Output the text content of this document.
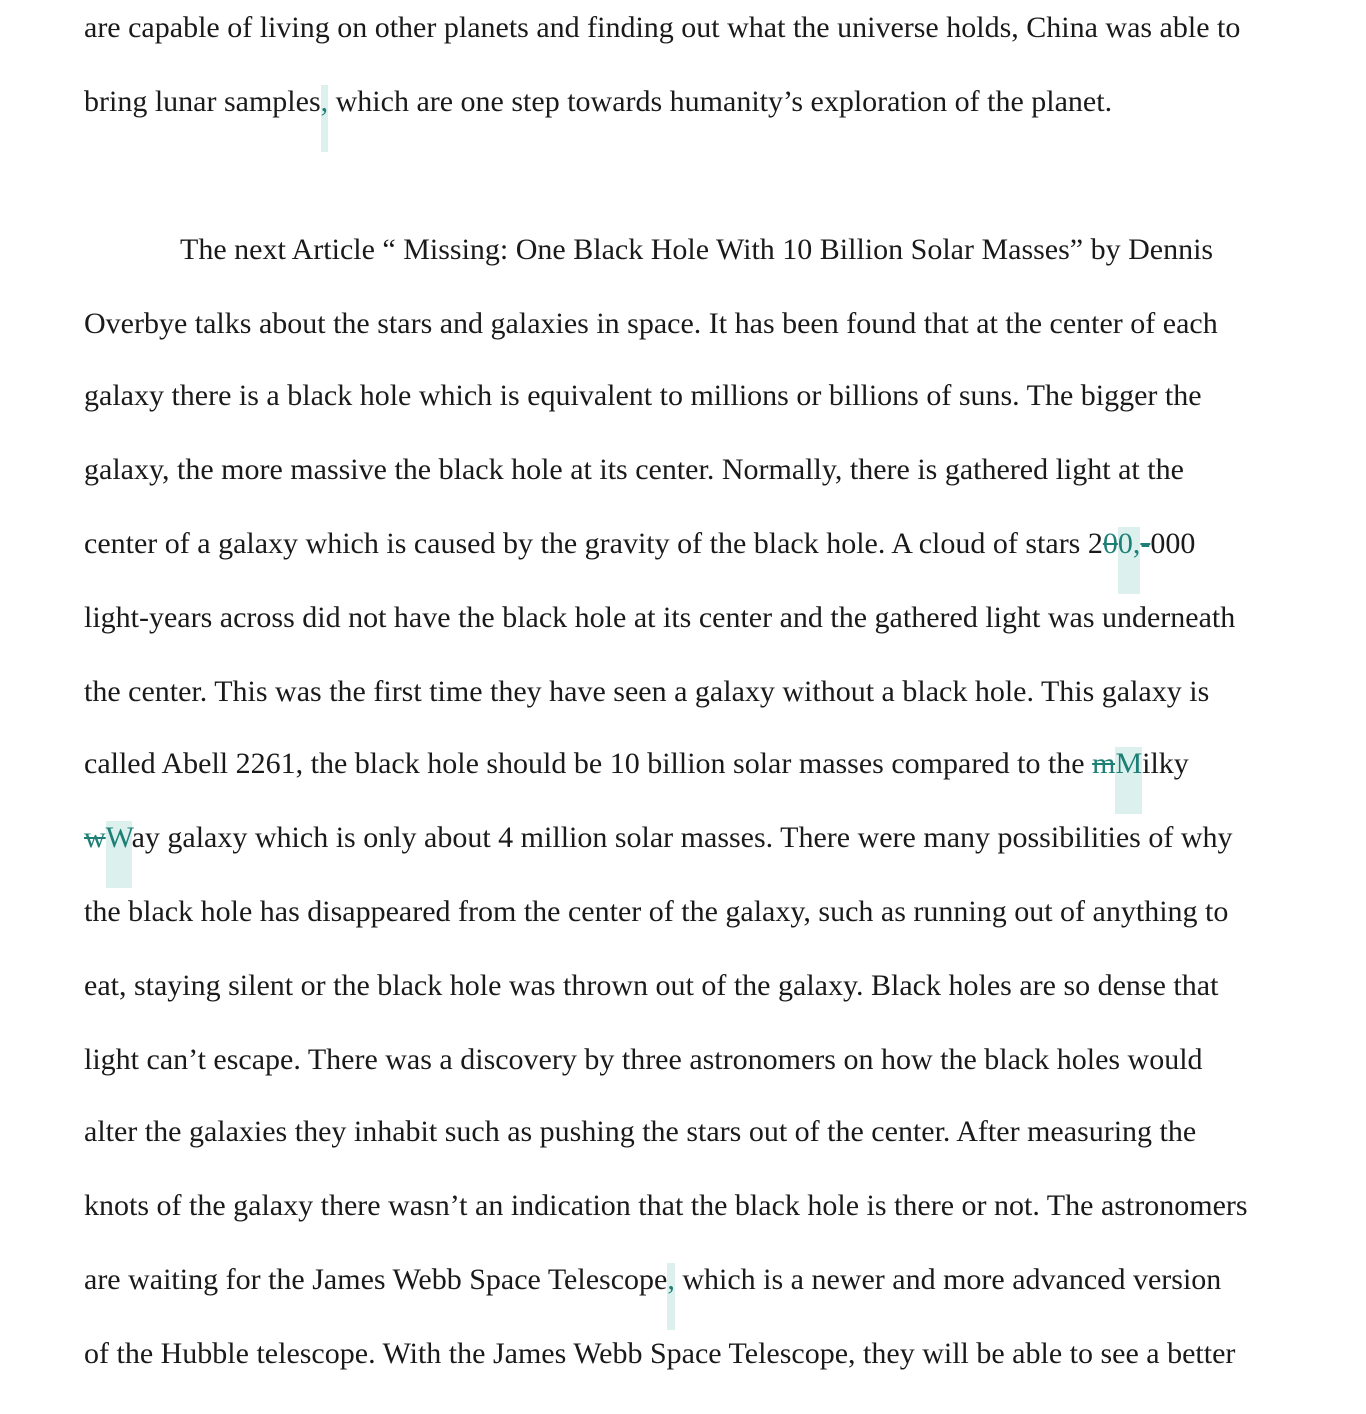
are capable of living on other planets and finding out what the universe holds, China was able to
bring lunar samples, which are one step towards humanity’s exploration of the planet.
The next Article “ Missing: One Black Hole With 10 Billion Solar Masses” by Dennis
Overbye talks about the stars and galaxies in space. It has been found that at the center of each
galaxy there is a black hole which is equivalent to millions or billions of suns. The bigger the
galaxy, the more massive the black hole at its center. Normally, there is gathered light at the
center of a galaxy which is caused by the gravity of the black hole. A cloud of stars 200,-000
light-years across did not have the black hole at its center and the gathered light was underneath
the center. This was the first time they have seen a galaxy without a black hole. This galaxy is
called Abell 2261, the black hole should be 10 billion solar masses compared to the mMilky
wWay galaxy which is only about 4 million solar masses. There were many possibilities of why
the black hole has disappeared from the center of the galaxy, such as running out of anything to
eat, staying silent or the black hole was thrown out of the galaxy. Black holes are so dense that
light can’t escape. There was a discovery by three astronomers on how the black holes would
alter the galaxies they inhabit such as pushing the stars out of the center. After measuring the
knots of the galaxy there wasn’t an indication that the black hole is there or not. The astronomers
are waiting for the James Webb Space Telescope, which is a newer and more advanced version
of the Hubble telescope. With the James Webb Space Telescope, they will be able to see a better
